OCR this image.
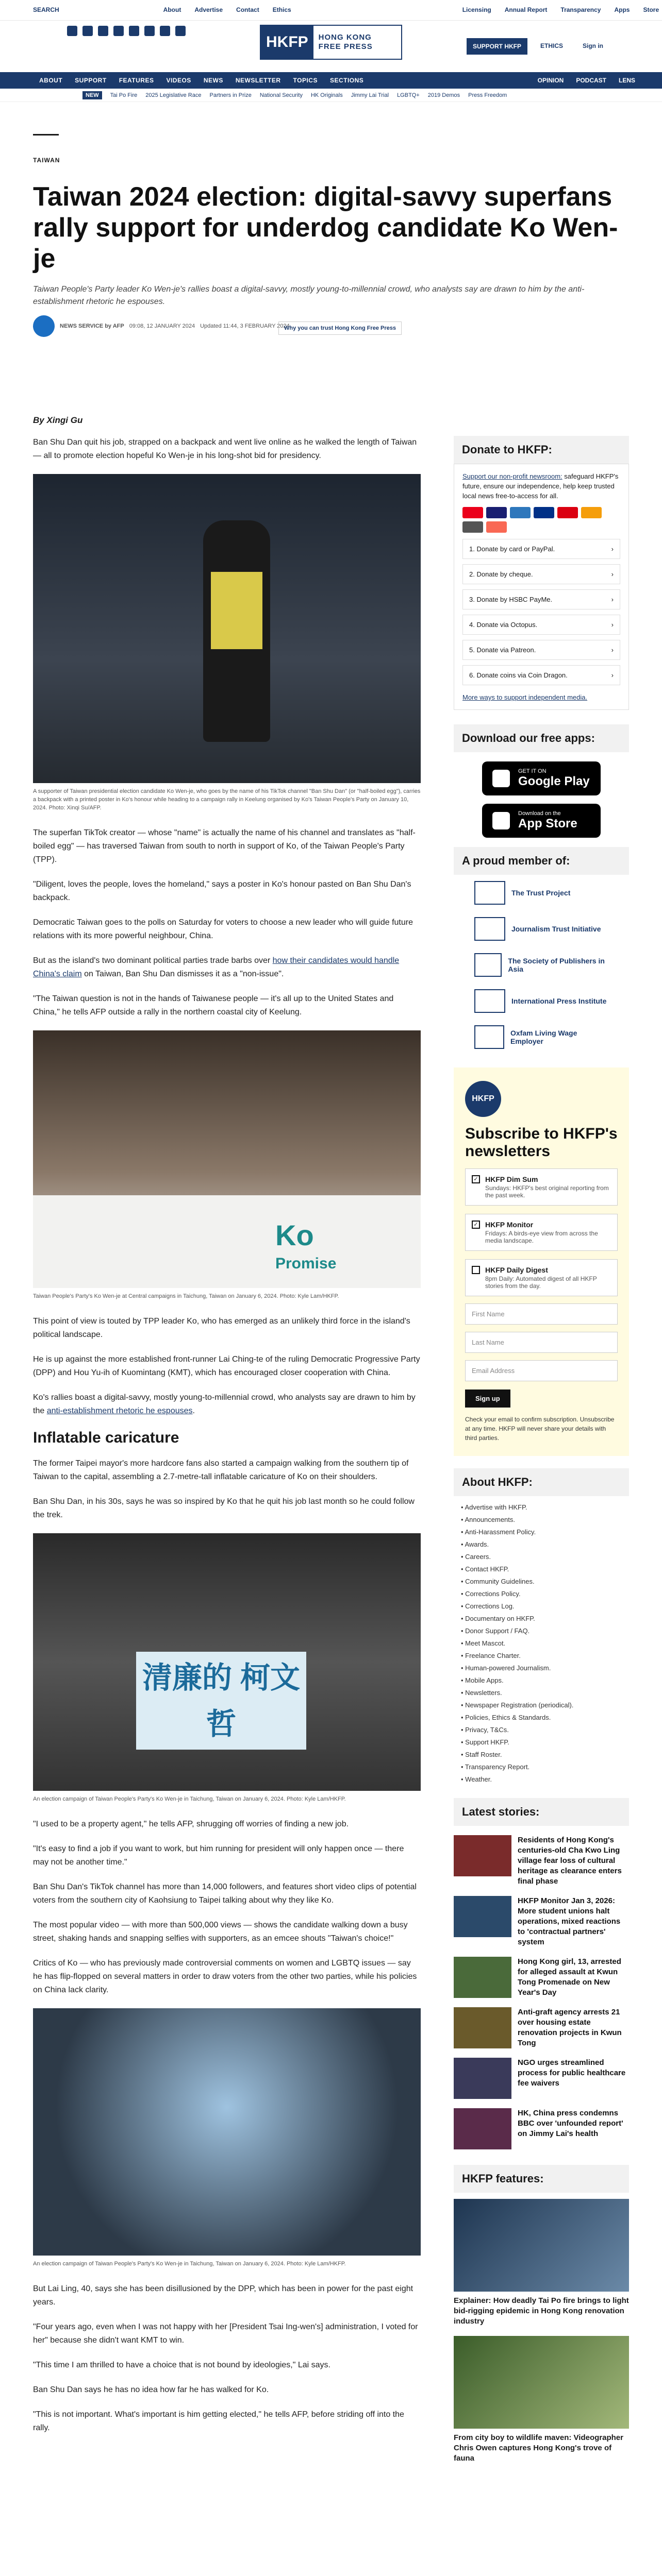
SEARCH	About Advertise Contact Ethics	Licensing Annual Report Transparency Apps Store
HKFP	HONG KONG
FREE PRESS	SUPPORT HKFP	ETHICS	Sign in
ABOUT	SUPPORT	FEATURES	VIDEOS	NEWS	NEWSLETTER	TOPICS	SECTIONS	OPINION	PODCAST	LENS
NEW	Tai Po Fire 2025 Legislative Race Partners in Prize National Security HK Originals Jimmy Lai Trial LGBTQ+ 2019 Demos Press Freedom
TAIWAN
Taiwan 2024 election: digital-savvy superfans rally support for underdog candidate Ko Wen-je

Taiwan People's Party leader Ko Wen-je's rallies boast a digital-savvy, mostly young-to-millennial crowd, who analysts say are drawn to him by the anti-establishment rhetoric he espouses.

NEWS SERVICE by AFP 09:08, 12 JANUARY 2024 Updated 11:44, 3 FEBRUARY 2024
Why you can trust Hong Kong Free Press
By Xingi Gu

Ban Shu Dan quit his job, strapped on a backpack and went live online as he walked the length of Taiwan — all to promote election hopeful Ko Wen-je in his long-shot bid for presidency.

A supporter of Taiwan presidential election candidate Ko Wen-je, who goes by the name of his TikTok channel "Ban Shu Dan" (or "half-boiled egg"), carries a backpack with a printed poster in Ko's honour while heading to a campaign rally in Keelung organised by Ko's Taiwan People's Party on January 10, 2024. Photo: Xinqi Su/AFP.

The superfan TikTok creator — whose "name" is actually the name of his channel and translates as "half-boiled egg" — has traversed Taiwan from south to north in support of Ko, of the Taiwan People's Party (TPP).

"Diligent, loves the people, loves the homeland," says a poster in Ko's honour pasted on Ban Shu Dan's backpack.

Democratic Taiwan goes to the polls on Saturday for voters to choose a new leader who will guide future relations with its more powerful neighbour, China.

But as the island's two dominant political parties trade barbs over how their candidates would handle China's claim on Taiwan, Ban Shu Dan dismisses it as a "non-issue".

"The Taiwan question is not in the hands of Taiwanese people — it's all up to the United States and China," he tells AFP outside a rally in the northern coastal city of Keelung.

Ko
Promise

Taiwan People's Party's Ko Wen-je at Central campaigns in Taichung, Taiwan on January 6, 2024. Photo: Kyle Lam/HKFP.

This point of view is touted by TPP leader Ko, who has emerged as an unlikely third force in the island's political landscape.

He is up against the more established front-runner Lai Ching-te of the ruling Democratic Progressive Party (DPP) and Hou Yu-ih of Kuomintang (KMT), which has encouraged closer cooperation with China.

Ko's rallies boast a digital-savvy, mostly young-to-millennial crowd, who analysts say are drawn to him by the anti-establishment rhetoric he espouses.

Inflatable caricature

The former Taipei mayor's more hardcore fans also started a campaign walking from the southern tip of Taiwan to the capital, assembling a 2.7-metre-tall inflatable caricature of Ko on their shoulders.

Ban Shu Dan, in his 30s, says he was so inspired by Ko that he quit his job last month so he could follow the trek.

清廉的 柯文哲

An election campaign of Taiwan People's Party's Ko Wen-je in Taichung, Taiwan on January 6, 2024. Photo: Kyle Lam/HKFP.

"I used to be a property agent," he tells AFP, shrugging off worries of finding a new job.

"It's easy to find a job if you want to work, but him running for president will only happen once — there may not be another time."

Ban Shu Dan's TikTok channel has more than 14,000 followers, and features short video clips of potential voters from the southern city of Kaohsiung to Taipei talking about why they like Ko.

The most popular video — with more than 500,000 views — shows the candidate walking down a busy street, shaking hands and snapping selfies with supporters, as an emcee shouts "Taiwan's choice!"

Critics of Ko — who has previously made controversial comments on women and LGBTQ issues — say he has flip-flopped on several matters in order to draw voters from the other two parties, while his policies on China lack clarity.

An election campaign of Taiwan People's Party's Ko Wen-je in Taichung, Taiwan on January 6, 2024. Photo: Kyle Lam/HKFP.

But Lai Ling, 40, says she has been disillusioned by the DPP, which has been in power for the past eight years.

"Four years ago, even when I was not happy with her [President Tsai Ing-wen's] administration, I voted for her" because she didn't want KMT to win.

"This time I am thrilled to have a choice that is not bound by ideologies," Lai says.

Ban Shu Dan says he has no idea how far he has walked for Ko.

"This is not important. What's important is him getting elected," he tells AFP, before striding off into the rally.

Donate to HKFP:

Support our non-profit newsroom: safeguard HKFP's future, ensure our independence, help keep trusted local news free-to-access for all.

1. Donate by card or PayPal.	›
2. Donate by cheque.	›
3. Donate by HSBC PayMe.	›
4. Donate via Octopus.	›
5. Donate via Patreon.	›
6. Donate coins via Coin Dragon.	›

More ways to support independent media.

Download our free apps:
GET IT ON
Google Play
Download on the
App Store
A proud member of:
The Trust Project
Journalism Trust Initiative
The Society of Publishers in Asia
International Press Institute
Oxfam Living Wage Employer
HKFP
Subscribe to HKFP's newsletters
✓ HKFP Dim Sum

Sundays: HKFP's best original reporting from the past week.

✓ HKFP Monitor

Fridays: A birds-eye view from across the media landscape.

HKFP Daily Digest

8pm Daily: Automated digest of all HKFP stories from the day.

First Name
Last Name
Email Address
Sign up

Check your email to confirm subscription. Unsubscribe at any time. HKFP will never share your details with third parties.

About HKFP:
• Advertise with HKFP.
• Announcements.
• Anti-Harassment Policy.
• Awards.
• Careers.
• Contact HKFP.
• Community Guidelines.
• Corrections Policy.
• Corrections Log.
• Documentary on HKFP.
• Donor Support / FAQ.
• Meet Mascot.
• Freelance Charter.
• Human-powered Journalism.
• Mobile Apps.
• Newsletters.
• Newspaper Registration (periodical).
• Policies, Ethics & Standards.
• Privacy, T&Cs.
• Support HKFP.
• Staff Roster.
• Transparency Report.
• Weather.
Latest stories:
Residents of Hong Kong's centuries-old Cha Kwo Ling village fear loss of cultural heritage as clearance enters final phase
HKFP Monitor Jan 3, 2026: More student unions halt operations, mixed reactions to 'contractual partners' system
Hong Kong girl, 13, arrested for alleged assault at Kwun Tong Promenade on New Year's Day
Anti-graft agency arrests 21 over housing estate renovation projects in Kwun Tong
NGO urges streamlined process for public healthcare fee waivers
HK, China press condemns BBC over 'unfounded report' on Jimmy Lai's health
HKFP features:

Explainer: How deadly Tai Po fire brings to light bid-rigging epidemic in Hong Kong renovation industry

From city boy to wildlife maven: Videographer Chris Owen captures Hong Kong's trove of fauna
